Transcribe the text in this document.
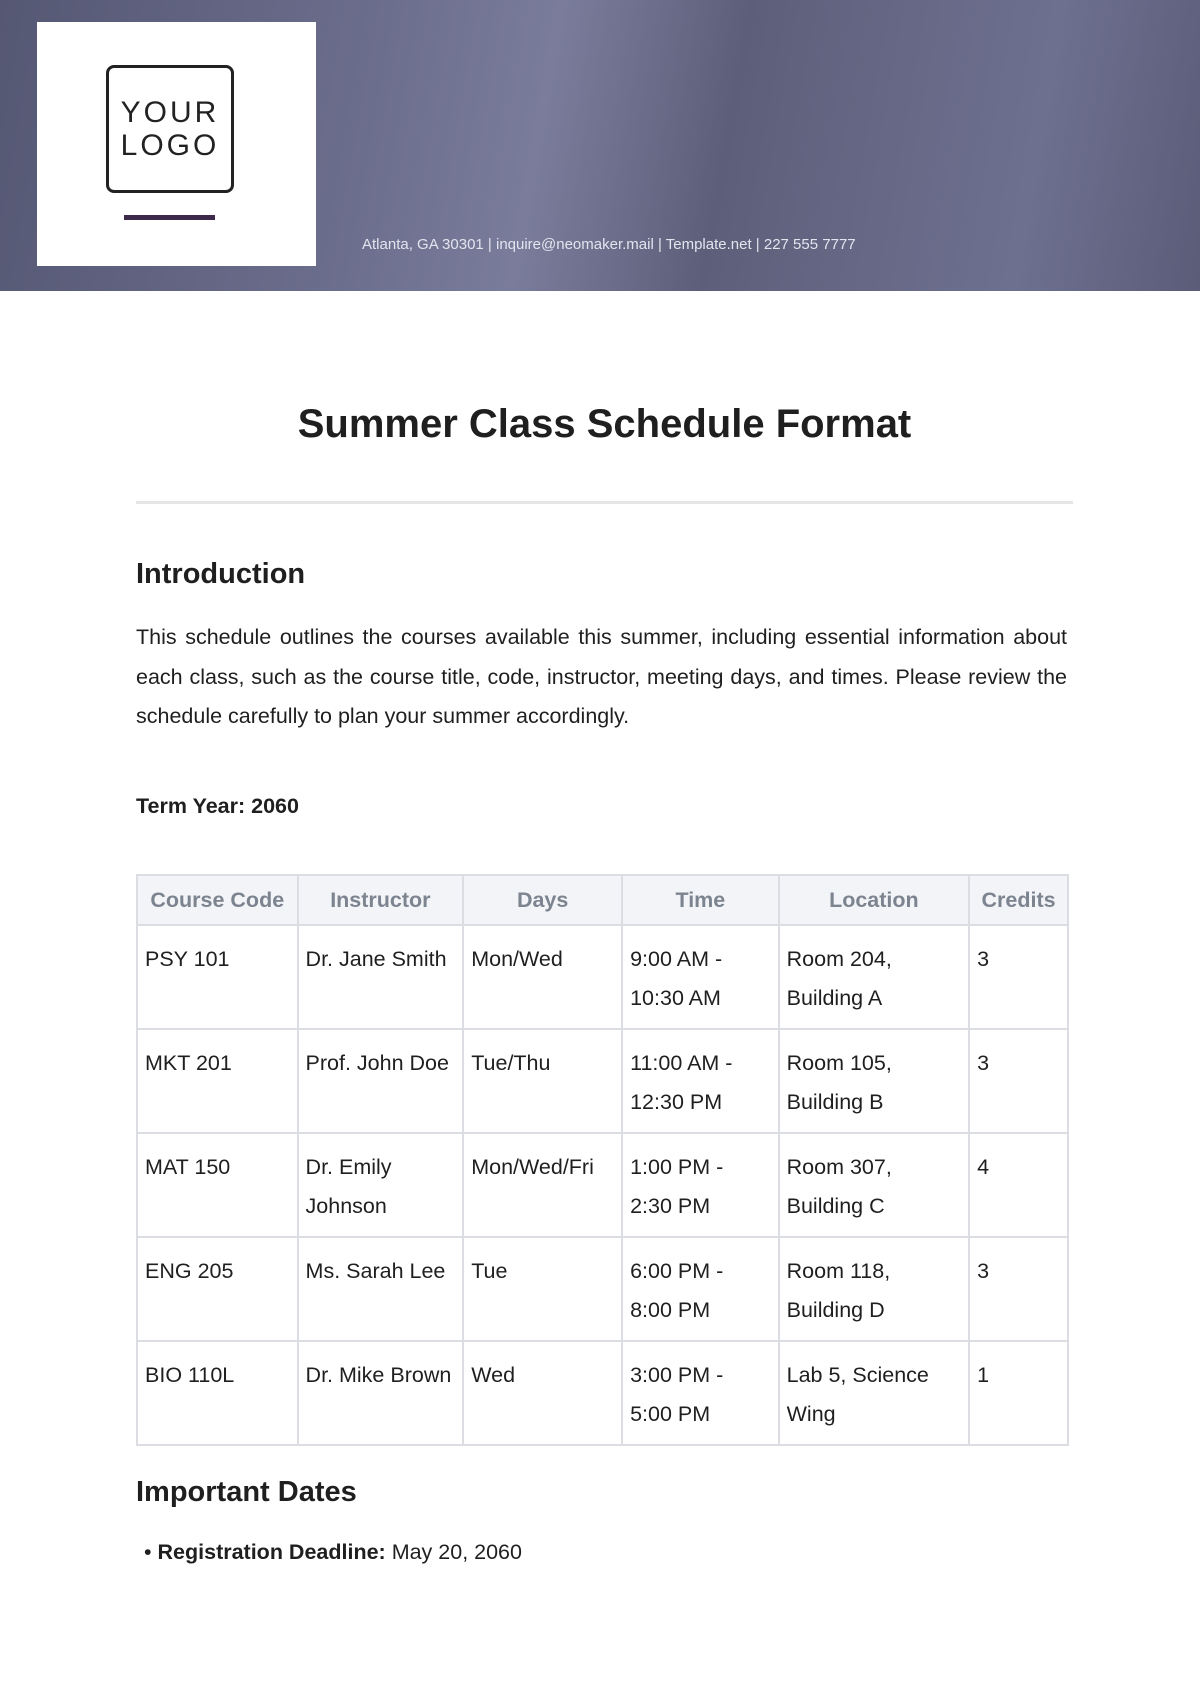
YOUR
LOGO
Atlanta, GA 30301 | inquire@neomaker.mail | Template.net | 227 555 7777
Summer Class Schedule Format
Introduction

This schedule outlines the courses available this summer, including essential information about each class, such as the course title, code, instructor, meeting days, and times. Please review the schedule carefully to plan your summer accordingly.

Term Year: 2060
Course Code	Instructor	Days	Time	Location	Credits
PSY 101	Dr. Jane Smith	Mon/Wed	9:00 AM - 10:30 AM	Room 204, Building A	3
MKT 201	Prof. John Doe	Tue/Thu	11:00 AM - 12:30 PM	Room 105, Building B	3
MAT 150	Dr. Emily Johnson	Mon/Wed/Fri	1:00 PM - 2:30 PM	Room 307, Building C	4
ENG 205	Ms. Sarah Lee	Tue	6:00 PM - 8:00 PM	Room 118, Building D	3
BIO 110L	Dr. Mike Brown	Wed	3:00 PM - 5:00 PM	Lab 5, Science Wing	1
Important Dates
• Registration Deadline: May 20, 2060
